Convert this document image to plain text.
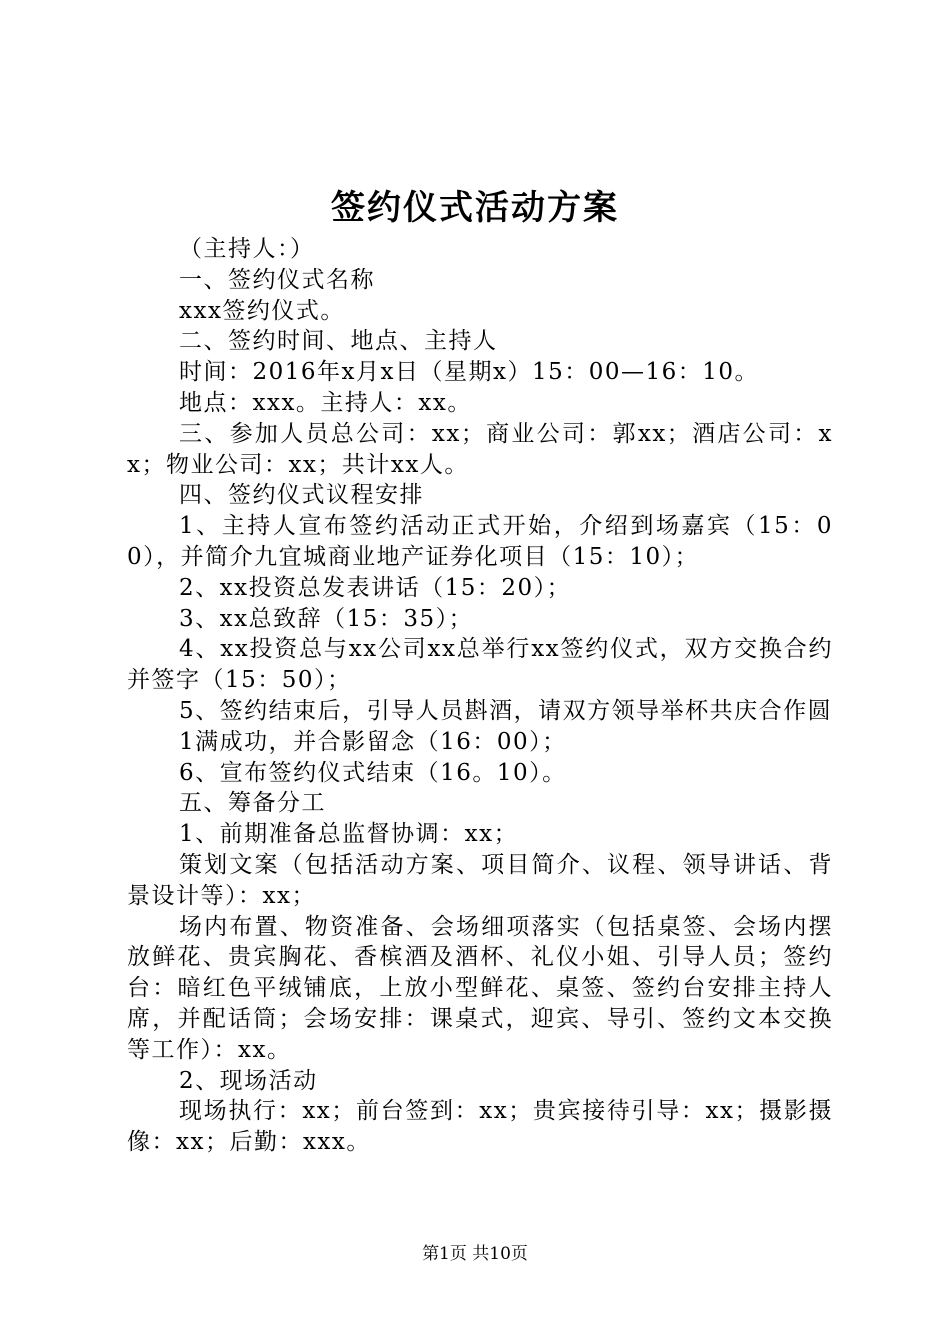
签约仪式活动方案

（主持人：）

一、签约仪式名称

xxx签约仪式。

二、签约时间、地点、主持人

时间：2016年x月x日（星期x）15：00—16：10。

地点：xxx。主持人：xx。

三、参加人员总公司：xx；商业公司：郭xx；酒店公司：xx；物业公司：xx；共计xx人。

四、签约仪式议程安排

1、主持人宣布签约活动正式开始，介绍到场嘉宾（15：00），并简介九宜城商业地产证券化项目（15：10）；

2、xx投资总发表讲话（15：20）；

3、xx总致辞（15：35）；

4、xx投资总与xx公司xx总举行xx签约仪式，双方交换合约并签字（15：50）；

5、签约结束后，引导人员斟酒，请双方领导举杯共庆合作圆

1满成功，并合影留念（16：00）；

6、宣布签约仪式结束（16。10）。

五、筹备分工

1、前期准备总监督协调：xx；

策划文案（包括活动方案、项目简介、议程、领导讲话、背景设计等）：xx；

场内布置、物资准备、会场细项落实（包括桌签、会场内摆放鲜花、贵宾胸花、香槟酒及酒杯、礼仪小姐、引导人员；签约台：暗红色平绒铺底，上放小型鲜花、桌签、签约台安排主持人席，并配话筒；会场安排：课桌式，迎宾、导引、签约文本交换等工作）：xx。

2、现场活动

现场执行：xx；前台签到：xx；贵宾接待引导：xx；摄影摄像：xx；后勤：xxx。

第1页 共10页
